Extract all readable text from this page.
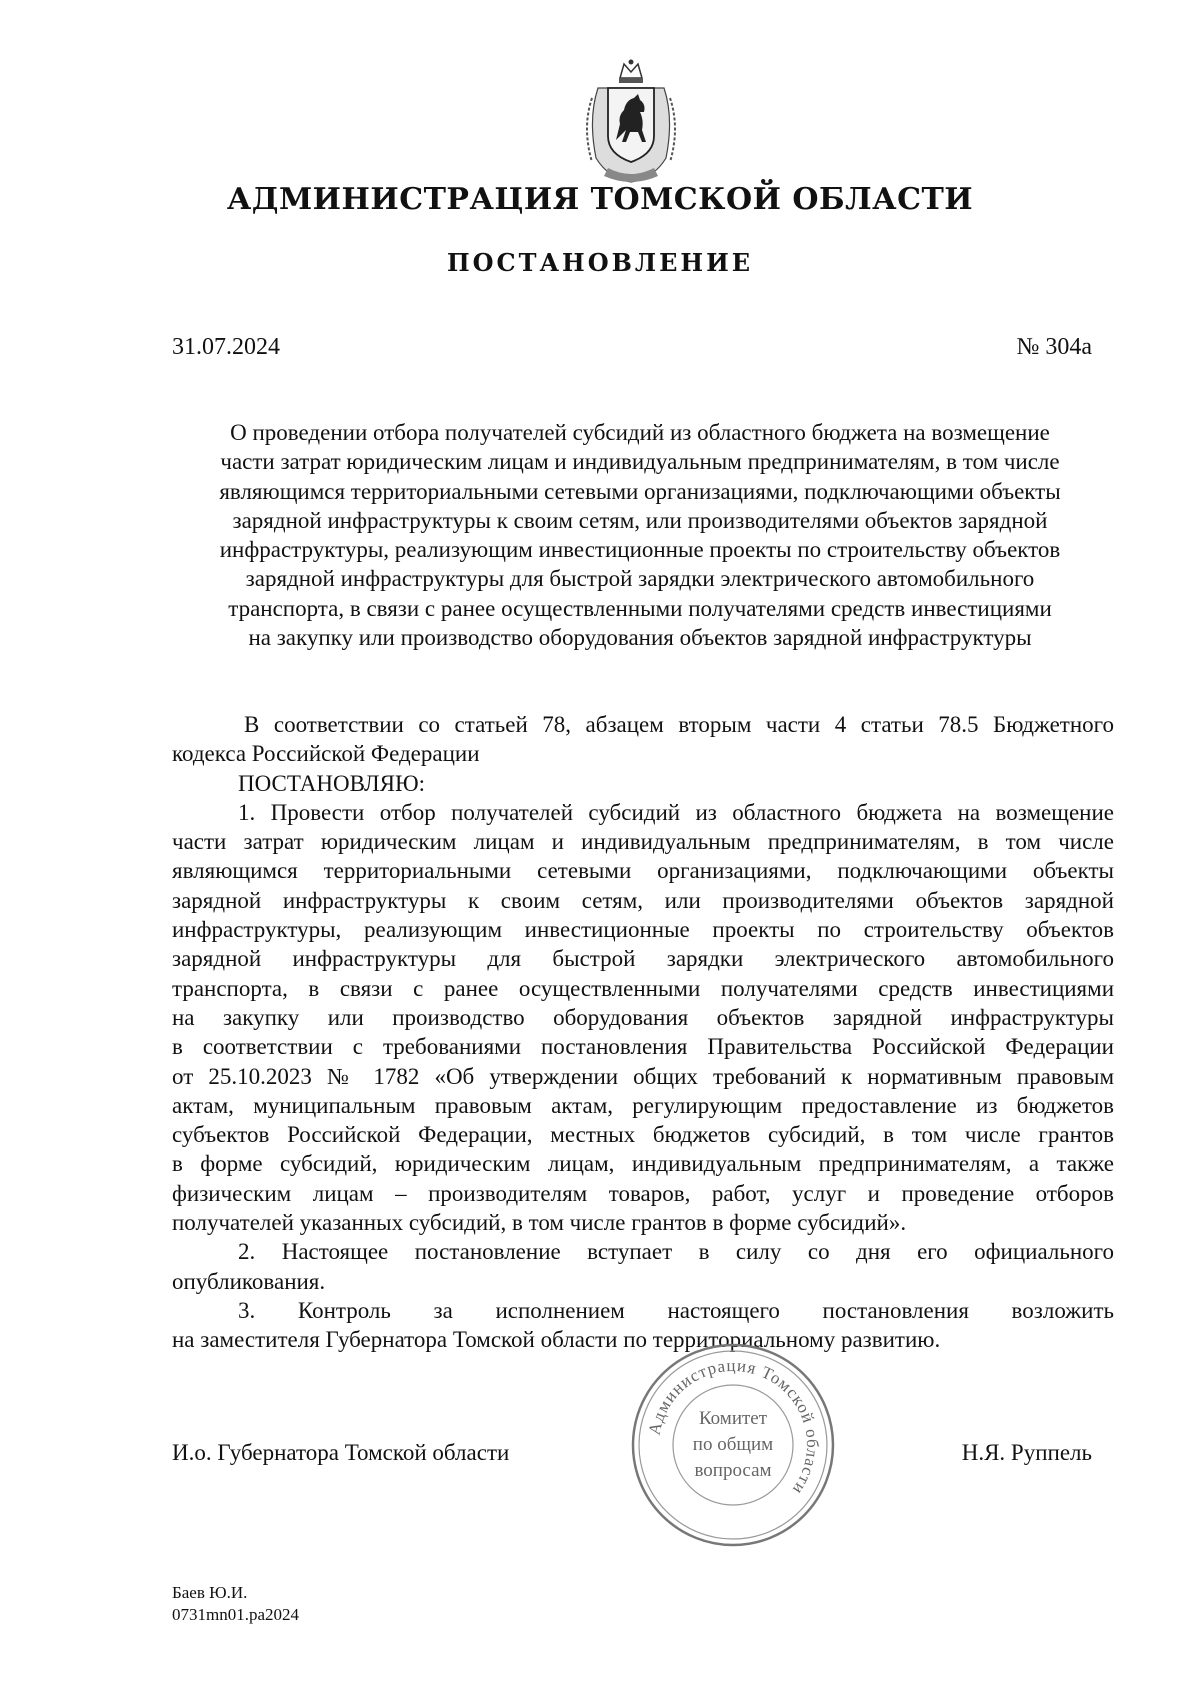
АДМИНИСТРАЦИЯ ТОМСКОЙ ОБЛАСТИ
ПОСТАНОВЛЕНИЕ
31.07.2024	№ 304а
О проведении отбора получателей субсидий из областного бюджета на возмещение
части затрат юридическим лицам и индивидуальным предпринимателям, в том числе
являющимся территориальными сетевыми организациями, подключающими объекты
зарядной инфраструктуры к своим сетям, или производителями объектов зарядной
инфраструктуры, реализующим инвестиционные проекты по строительству объектов
зарядной инфраструктуры для быстрой зарядки электрического автомобильного
транспорта, в связи с ранее осуществленными получателями средств инвестициями
на закупку или производство оборудования объектов зарядной инфраструктуры

В соответствии со статьей 78, абзацем вторым части 4 статьи 78.5 Бюджетного
кодекса Российской Федерации

ПОСТАНОВЛЯЮ:

1. Провести отбор получателей субсидий из областного бюджета на возмещение
части затрат юридическим лицам и индивидуальным предпринимателям, в том числе
являющимся территориальными сетевыми организациями, подключающими объекты
зарядной инфраструктуры к своим сетям, или производителями объектов зарядной
инфраструктуры, реализующим инвестиционные проекты по строительству объектов
зарядной инфраструктуры для быстрой зарядки электрического автомобильного
транспорта, в связи с ранее осуществленными получателями средств инвестициями
на закупку или производство оборудования объектов зарядной инфраструктуры
в соответствии с требованиями постановления Правительства Российской Федерации
от 25.10.2023 № 1782 «Об утверждении общих требований к нормативным правовым
актам, муниципальным правовым актам, регулирующим предоставление из бюджетов
субъектов Российской Федерации, местных бюджетов субсидий, в том числе грантов
в форме субсидий, юридическим лицам, индивидуальным предпринимателям, а также
физическим лицам – производителям товаров, работ, услуг и проведение отборов
получателей указанных субсидий, в том числе грантов в форме субсидий».

2. Настоящее постановление вступает в силу со дня его официального
опубликования.

3. Контроль за исполнением настоящего постановления возложить
на заместителя Губернатора Томской области по территориальному развитию.

Администрация Томской области
Комитет
по общим
вопросам
И.о. Губернатора Томской области	Н.Я. Руппель
Баев Ю.И.
0731mn01.pa2024
